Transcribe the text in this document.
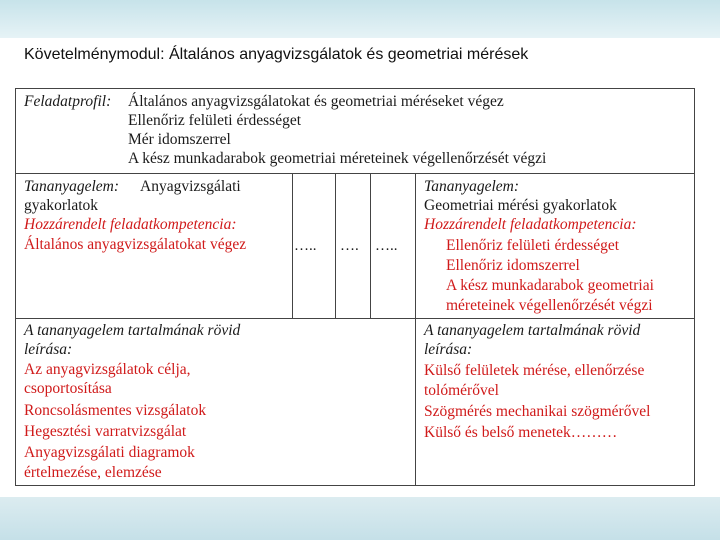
Követelménymodul: Általános anyagvizsgálatok és geometriai mérések
Feladatprofil: Általános anyagvizsgálatokat és geometriai méréseket végez
Ellenőriz felületi érdességet
Mér idomszerrel
A kész munkadarabok geometriai méreteinek végellenőrzését végzi
Tananyagelem: Anyagvizsgálati
gyakorlatok
Hozzárendelt feladatkompetencia:
Általános anyagvizsgálatokat végez	….. …. …..
Tananyagelem:
Geometriai mérési gyakorlatok
Hozzárendelt feladatkompetencia:
Ellenőriz felületi érdességet
Ellenőriz idomszerrel
A kész munkadarabok geometriai
méreteinek végellenőrzését végzi
A tananyagelem tartalmának rövid
leírása:
Az anyagvizsgálatok célja,
csoportosítása
Roncsolásmentes vizsgálatok
Hegesztési varratvizsgálat
Anyagvizsgálati diagramok
értelmezése, elemzése
A tananyagelem tartalmának rövid
leírása:
Külső felületek mérése, ellenőrzése
tolómérővel
Szögmérés mechanikai szögmérővel
Külső és belső menetek………
